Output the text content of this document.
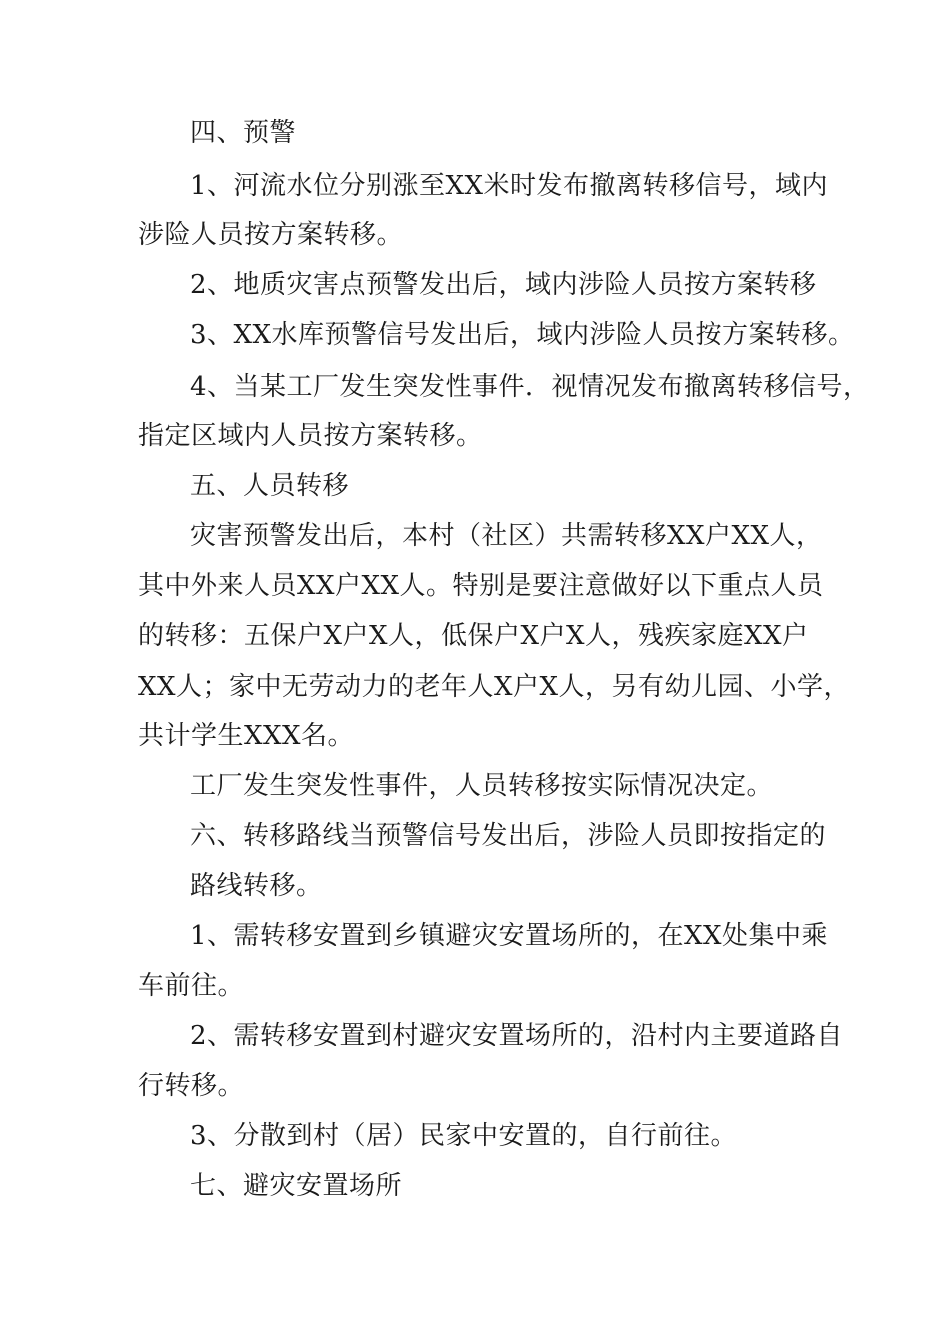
四、预警
1、河流水位分别涨至XX米时发布撤离转移信号，域内
涉险人员按方案转移。
2、地质灾害点预警发出后，域内涉险人员按方案转移
3、XX水库预警信号发出后，域内涉险人员按方案转移。
4、当某工厂发生突发性事件．视情况发布撤离转移信号，
指定区域内人员按方案转移。
五、人员转移
灾害预警发出后，本村（社区）共需转移XX户XX人，
其中外来人员XX户XX人。特别是要注意做好以下重点人员
的转移：五保户X户X人，低保户X户X人，残疾家庭XX户
XX人；家中无劳动力的老年人X户X人，另有幼儿园、小学，
共计学生XXX名。
工厂发生突发性事件，人员转移按实际情况决定。
六、转移路线当预警信号发出后，涉险人员即按指定的
路线转移。
1、需转移安置到乡镇避灾安置场所的，在XX处集中乘
车前往。
2、需转移安置到村避灾安置场所的，沿村内主要道路自
行转移。
3、分散到村（居）民家中安置的，自行前往。
七、避灾安置场所
